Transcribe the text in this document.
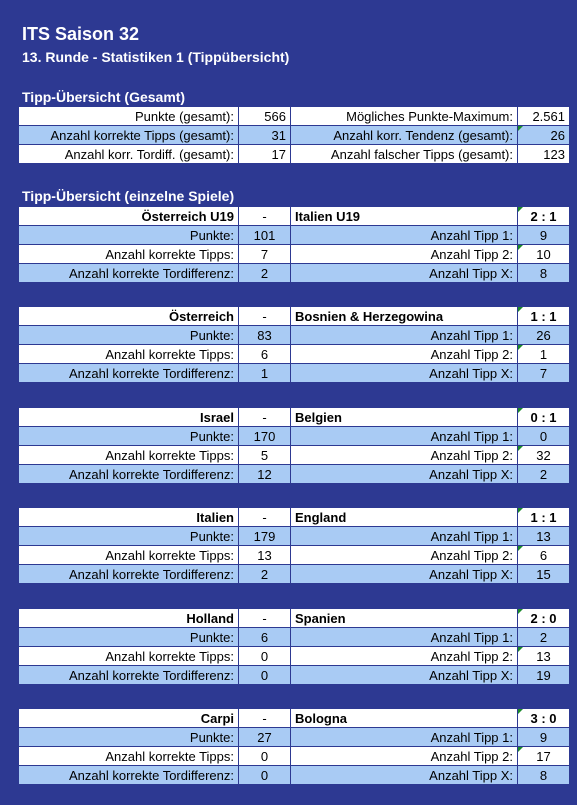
ITS Saison 32
13. Runde - Statistiken 1 (Tippübersicht)
Tipp-Übersicht (Gesamt)
Punkte (gesamt):	566	Mögliches Punkte-Maximum:	2.561
Anzahl korrekte Tipps (gesamt):	31	Anzahl korr. Tendenz (gesamt):	26
Anzahl korr. Tordiff. (gesamt):	17	Anzahl falscher Tipps (gesamt):	123
Tipp-Übersicht (einzelne Spiele)
Österreich U19	-	Italien U19	2 : 1
Punkte:	101	Anzahl Tipp 1:	9
Anzahl korrekte Tipps:	7	Anzahl Tipp 2:	10
Anzahl korrekte Tordifferenz:	2	Anzahl Tipp X:	8
Österreich	-	Bosnien & Herzegowina	1 : 1
Punkte:	83	Anzahl Tipp 1:	26
Anzahl korrekte Tipps:	6	Anzahl Tipp 2:	1
Anzahl korrekte Tordifferenz:	1	Anzahl Tipp X:	7
Israel	-	Belgien	0 : 1
Punkte:	170	Anzahl Tipp 1:	0
Anzahl korrekte Tipps:	5	Anzahl Tipp 2:	32
Anzahl korrekte Tordifferenz:	12	Anzahl Tipp X:	2
Italien	-	England	1 : 1
Punkte:	179	Anzahl Tipp 1:	13
Anzahl korrekte Tipps:	13	Anzahl Tipp 2:	6
Anzahl korrekte Tordifferenz:	2	Anzahl Tipp X:	15
Holland	-	Spanien	2 : 0
Punkte:	6	Anzahl Tipp 1:	2
Anzahl korrekte Tipps:	0	Anzahl Tipp 2:	13
Anzahl korrekte Tordifferenz:	0	Anzahl Tipp X:	19
Carpi	-	Bologna	3 : 0
Punkte:	27	Anzahl Tipp 1:	9
Anzahl korrekte Tipps:	0	Anzahl Tipp 2:	17
Anzahl korrekte Tordifferenz:	0	Anzahl Tipp X:	8
